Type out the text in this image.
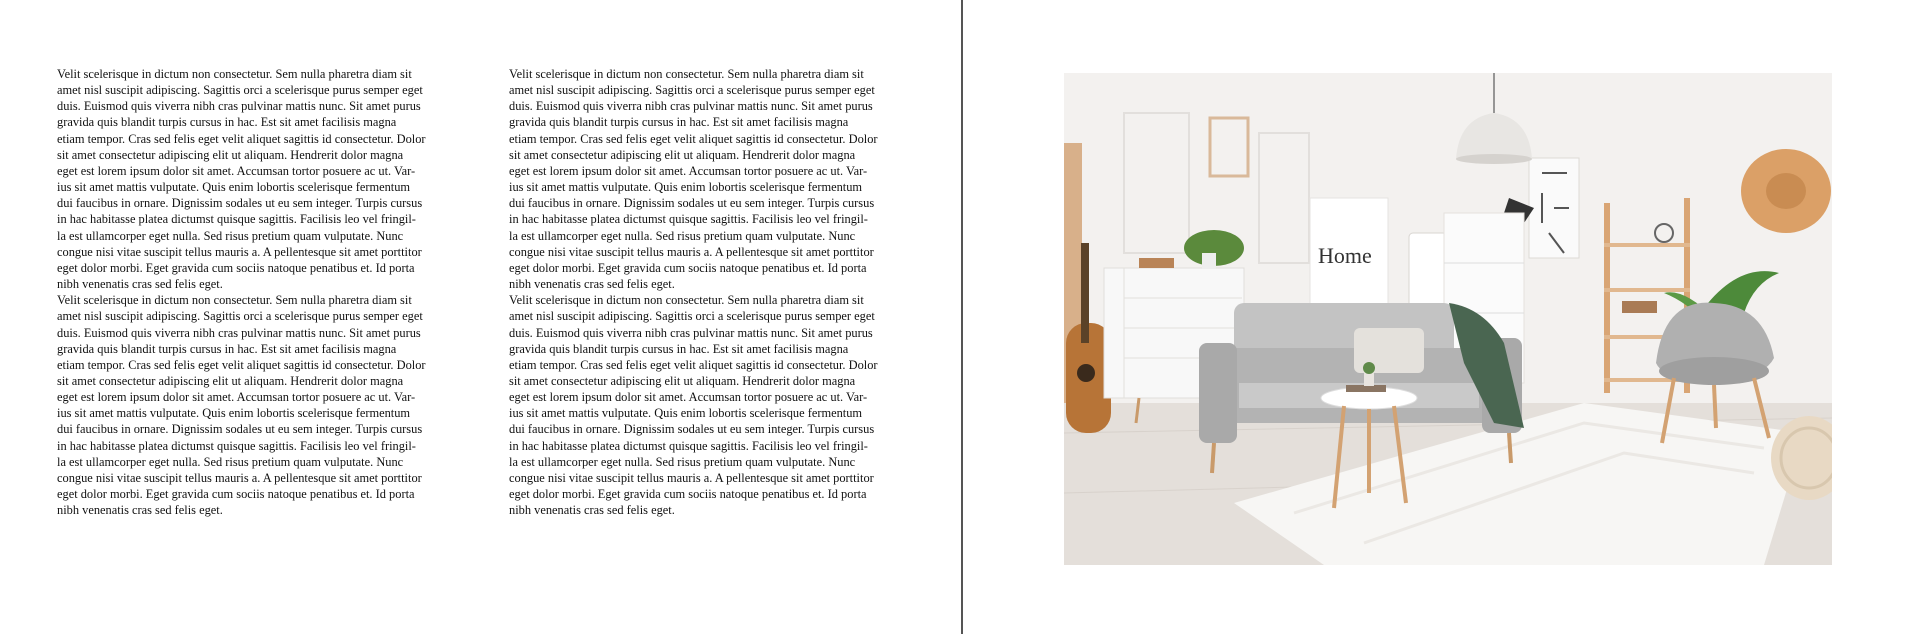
Velit scelerisque in dictum non consectetur. Sem nulla pharetra diam sit
amet nisl suscipit adipiscing. Sagittis orci a scelerisque purus semper eget
duis. Euismod quis viverra nibh cras pulvinar mattis nunc. Sit amet purus
gravida quis blandit turpis cursus in hac. Est sit amet facilisis magna
etiam tempor. Cras sed felis eget velit aliquet sagittis id consectetur. Dolor
sit amet consectetur adipiscing elit ut aliquam. Hendrerit dolor magna
eget est lorem ipsum dolor sit amet. Accumsan tortor posuere ac ut. Var-
ius sit amet mattis vulputate. Quis enim lobortis scelerisque fermentum
dui faucibus in ornare. Dignissim sodales ut eu sem integer. Turpis cursus
in hac habitasse platea dictumst quisque sagittis. Facilisis leo vel fringil-
la est ullamcorper eget nulla. Sed risus pretium quam vulputate. Nunc
congue nisi vitae suscipit tellus mauris a. A pellentesque sit amet porttitor
eget dolor morbi. Eget gravida cum sociis natoque penatibus et. Id porta
nibh venenatis cras sed felis eget.

Velit scelerisque in dictum non consectetur. Sem nulla pharetra diam sit
amet nisl suscipit adipiscing. Sagittis orci a scelerisque purus semper eget
duis. Euismod quis viverra nibh cras pulvinar mattis nunc. Sit amet purus
gravida quis blandit turpis cursus in hac. Est sit amet facilisis magna
etiam tempor. Cras sed felis eget velit aliquet sagittis id consectetur. Dolor
sit amet consectetur adipiscing elit ut aliquam. Hendrerit dolor magna
eget est lorem ipsum dolor sit amet. Accumsan tortor posuere ac ut. Var-
ius sit amet mattis vulputate. Quis enim lobortis scelerisque fermentum
dui faucibus in ornare. Dignissim sodales ut eu sem integer. Turpis cursus
in hac habitasse platea dictumst quisque sagittis. Facilisis leo vel fringil-
la est ullamcorper eget nulla. Sed risus pretium quam vulputate. Nunc
congue nisi vitae suscipit tellus mauris a. A pellentesque sit amet porttitor
eget dolor morbi. Eget gravida cum sociis natoque penatibus et. Id porta
nibh venenatis cras sed felis eget.

Velit scelerisque in dictum non consectetur. Sem nulla pharetra diam sit
amet nisl suscipit adipiscing. Sagittis orci a scelerisque purus semper eget
duis. Euismod quis viverra nibh cras pulvinar mattis nunc. Sit amet purus
gravida quis blandit turpis cursus in hac. Est sit amet facilisis magna
etiam tempor. Cras sed felis eget velit aliquet sagittis id consectetur. Dolor
sit amet consectetur adipiscing elit ut aliquam. Hendrerit dolor magna
eget est lorem ipsum dolor sit amet. Accumsan tortor posuere ac ut. Var-
ius sit amet mattis vulputate. Quis enim lobortis scelerisque fermentum
dui faucibus in ornare. Dignissim sodales ut eu sem integer. Turpis cursus
in hac habitasse platea dictumst quisque sagittis. Facilisis leo vel fringil-
la est ullamcorper eget nulla. Sed risus pretium quam vulputate. Nunc
congue nisi vitae suscipit tellus mauris a. A pellentesque sit amet porttitor
eget dolor morbi. Eget gravida cum sociis natoque penatibus et. Id porta
nibh venenatis cras sed felis eget.

Velit scelerisque in dictum non consectetur. Sem nulla pharetra diam sit
amet nisl suscipit adipiscing. Sagittis orci a scelerisque purus semper eget
duis. Euismod quis viverra nibh cras pulvinar mattis nunc. Sit amet purus
gravida quis blandit turpis cursus in hac. Est sit amet facilisis magna
etiam tempor. Cras sed felis eget velit aliquet sagittis id consectetur. Dolor
sit amet consectetur adipiscing elit ut aliquam. Hendrerit dolor magna
eget est lorem ipsum dolor sit amet. Accumsan tortor posuere ac ut. Var-
ius sit amet mattis vulputate. Quis enim lobortis scelerisque fermentum
dui faucibus in ornare. Dignissim sodales ut eu sem integer. Turpis cursus
in hac habitasse platea dictumst quisque sagittis. Facilisis leo vel fringil-
la est ullamcorper eget nulla. Sed risus pretium quam vulputate. Nunc
congue nisi vitae suscipit tellus mauris a. A pellentesque sit amet porttitor
eget dolor morbi. Eget gravida cum sociis natoque penatibus et. Id porta
nibh venenatis cras sed felis eget.

Home
